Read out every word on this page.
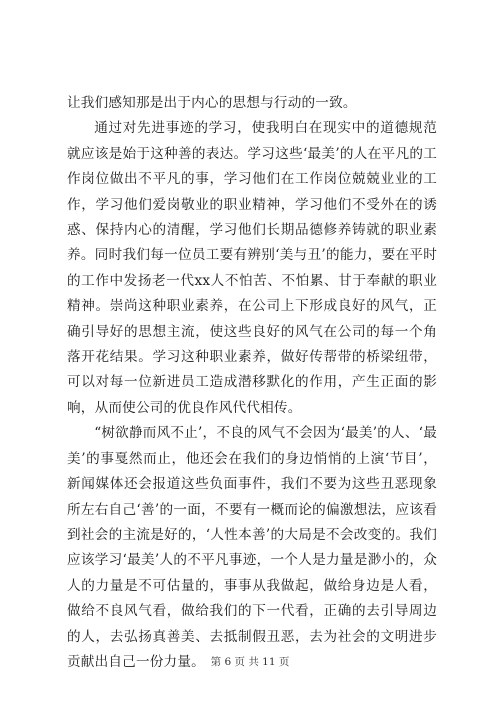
让我们感知那是出于内心的思想与行动的一致。

通过对先进事迹的学习，使我明白在现实中的道德规范就应该是始于这种善的表达。学习这些‘最美’的人在平凡的工作岗位做出不平凡的事，学习他们在工作岗位兢兢业业的工作，学习他们爱岗敬业的职业精神，学习他们不受外在的诱惑、保持内心的清醒，学习他们长期品德修养铸就的职业素养。同时我们每一位员工要有辨别‘美与丑’的能力，要在平时的工作中发扬老一代xx人不怕苦、不怕累、甘于奉献的职业精神。崇尚这种职业素养，在公司上下形成良好的风气，正确引导好的思想主流，使这些良好的风气在公司的每一个角落开花结果。学习这种职业素养，做好传帮带的桥梁纽带，可以对每一位新进员工造成潜移默化的作用，产生正面的影响，从而使公司的优良作风代代相传。

“树欲静而风不止’，不良的风气不会因为‘最美’的人、‘最美’的事戛然而止，他还会在我们的身边悄悄的上演‘节目’，新闻媒体还会报道这些负面事件，我们不要为这些丑恶现象所左右自己‘善’的一面，不要有一概而论的偏激想法，应该看到社会的主流是好的，‘人性本善’的大局是不会改变的。我们应该学习‘最美’人的不平凡事迹，一个人是力量是渺小的，众人的力量是不可估量的，事事从我做起，做给身边是人看，做给不良风气看，做给我们的下一代看，正确的去引导周边的人，去弘扬真善美、去抵制假丑恶，去为社会的文明进步贡献出自己一份力量。 第 6 页 共 11 页
